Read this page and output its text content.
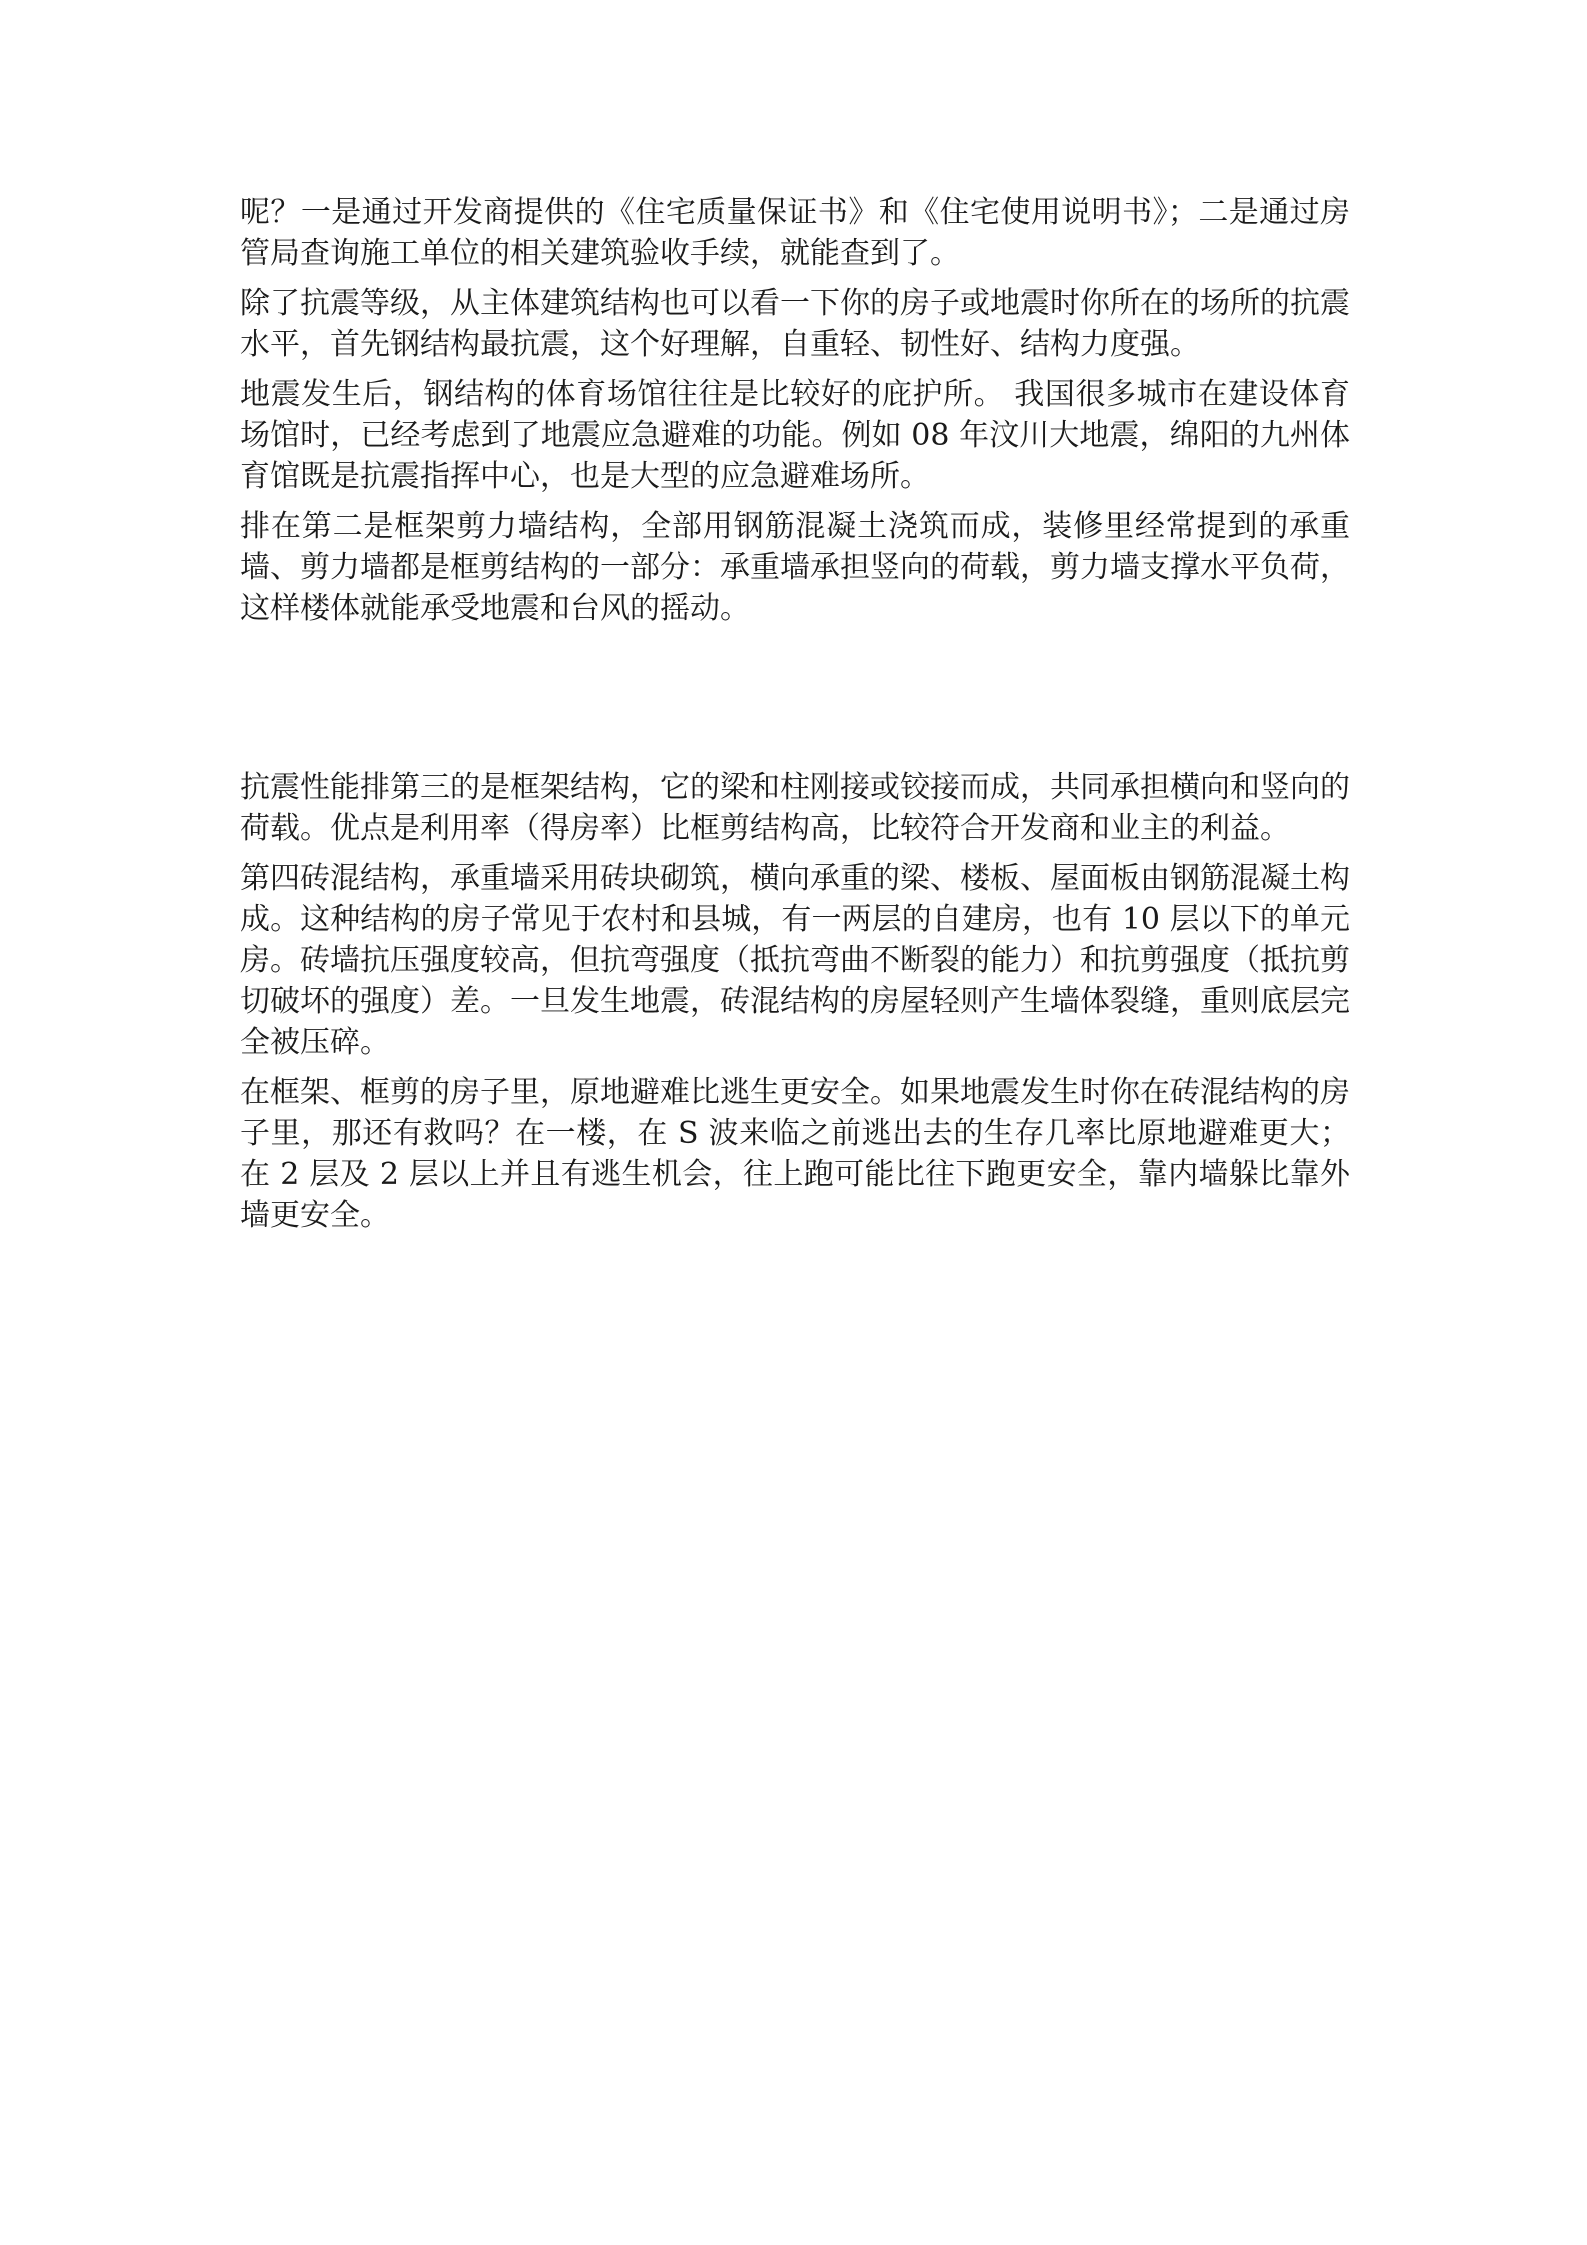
呢？一是通过开发商提供的《住宅质量保证书》和《住宅使用说明书》；二是通过房管局查询施工单位的相关建筑验收手续，就能查到了。

除了抗震等级，从主体建筑结构也可以看一下你的房子或地震时你所在的场所的抗震水平，首先钢结构最抗震，这个好理解，自重轻、韧性好、结构力度强。

地震发生后，钢结构的体育场馆往往是比较好的庇护所。 我国很多城市在建设体育场馆时，已经考虑到了地震应急避难的功能。例如 08 年汶川大地震，绵阳的九州体育馆既是抗震指挥中心，也是大型的应急避难场所。

排在第二是框架剪力墙结构，全部用钢筋混凝土浇筑而成，装修里经常提到的承重墙、剪力墙都是框剪结构的一部分：承重墙承担竖向的荷载，剪力墙支撑水平负荷，这样楼体就能承受地震和台风的摇动。

抗震性能排第三的是框架结构，它的梁和柱刚接或铰接而成，共同承担横向和竖向的荷载。优点是利用率（得房率）比框剪结构高，比较符合开发商和业主的利益。

第四砖混结构，承重墙采用砖块砌筑，横向承重的梁、楼板、屋面板由钢筋混凝土构成。这种结构的房子常见于农村和县城，有一两层的自建房，也有 10 层以下的单元房。砖墙抗压强度较高，但抗弯强度（抵抗弯曲不断裂的能力）和抗剪强度（抵抗剪切破坏的强度）差。一旦发生地震，砖混结构的房屋轻则产生墙体裂缝，重则底层完全被压碎。

在框架、框剪的房子里，原地避难比逃生更安全。如果地震发生时你在砖混结构的房子里，那还有救吗？在一楼，在 S 波来临之前逃出去的生存几率比原地避难更大； 在 2 层及 2 层以上并且有逃生机会，往上跑可能比往下跑更安全，靠内墙躲比靠外墙更安全。
